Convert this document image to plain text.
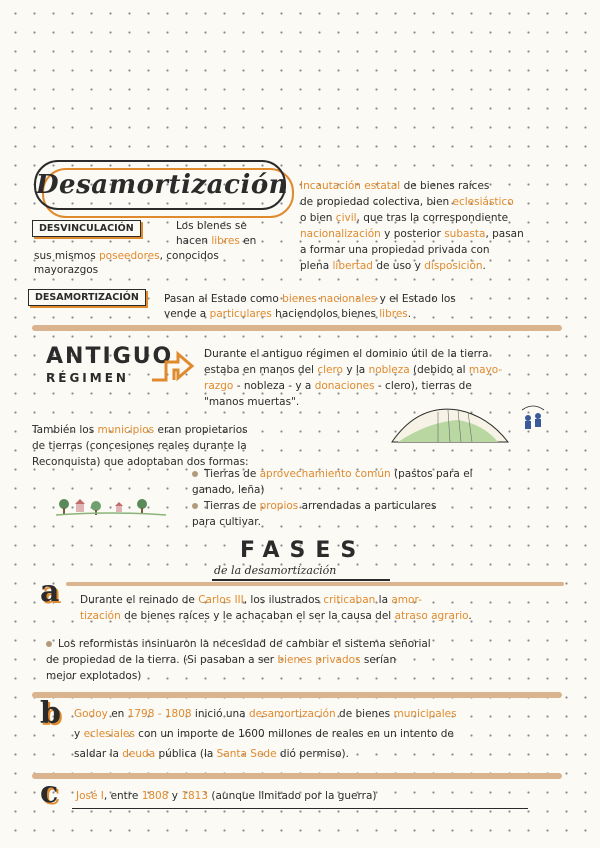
Desamortización Incautación estatal de bienes raíces
de propiedad colectiva, bien eclesiástico
o bien civil, que tras la correspondiente
nacionalización y posterior subasta, pasan
a formar una propiedad privada con
plena libertad de uso y disposición.
DESVINCULACIÓN	Los bienes se
hacen libres en
sus mismos poseedores, conocidos
mayorazgos
DESAMORTIZACIÓN	Pasan al Estado como bienes nacionales y el Estado los
vende a particulares haciendolos bienes libres.
ANTIGUO
RÉGIMEN
Durante el antiguo régimen el dominio útil de la tierra
estaba en manos del clero y la nobleza (debido al mayo-
razgo - nobleza - y a donaciones - clero), tierras de
"manos muertas".
También los municipios eran propietarios
de tierras (concesiones reales durante la
Reconquista) que adoptaban dos formas:
Tierras de aprovechamiento común (pastos para el
ganado, leña)
Tierras de propios arrendadas a particulares
para cultivar.
FASES
de la desamortización
a Durante el reinado de Carlos III, los ilustrados criticaban la amor-
tización de bienes raíces y le achacaban el ser la causa del atraso agrario.
Los reformistas insinuaron la necesidad de cambiar el sistema señorial
de propiedad de la tierra. (Si pasaban a ser bienes privados serían
mejor explotados)
b Godoy en 1798 - 1808 inició una desamortización de bienes municipales
y eclesiales con un importe de 1600 millones de reales en un intento de
saldar la deuda pública (la Santa Sede dió permiso).
c José I, entre 1808 y 1813 (aunque limitado por la guerra)
